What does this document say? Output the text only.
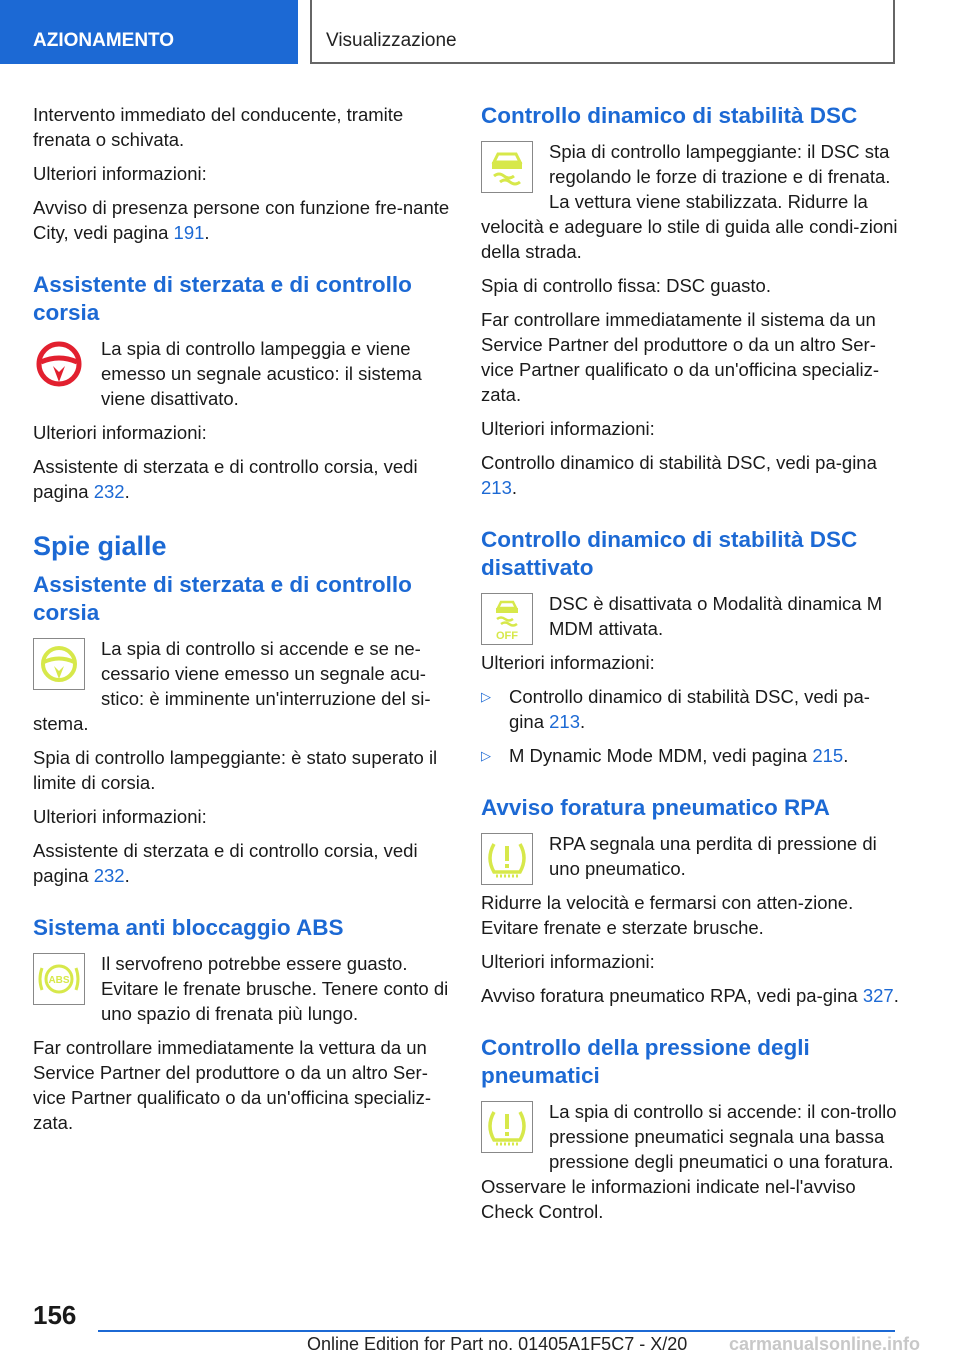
AZIONAMENTO	Visualizzazione

Intervento immediato del conducente, tramite frenata o schivata.

Ulteriori informazioni:

Avviso di presenza persone con funzione fre-nante City, vedi pagina 191.

Assistente di sterzata e di controllo corsia

La spia di controllo lampeggia e viene emesso un segnale acustico: il sistema viene disattivato.

Ulteriori informazioni:

Assistente di sterzata e di controllo corsia, vedi pagina 232.

Spie gialle
Assistente di sterzata e di controllo corsia

La spia di controllo si accende e se ne-cessario viene emesso un segnale acu-stico: è imminente un'interruzione del si-stema.

Spia di controllo lampeggiante: è stato superato il limite di corsia.

Ulteriori informazioni:

Assistente di sterzata e di controllo corsia, vedi pagina 232.

Sistema anti bloccaggio ABS
ABS

Il servofreno potrebbe essere guasto. Evitare le frenate brusche. Tenere conto di uno spazio di frenata più lungo.

Far controllare immediatamente la vettura da un Service Partner del produttore o da un altro Ser-vice Partner qualificato o da un'officina specializ-zata.

Controllo dinamico di stabilità DSC

Spia di controllo lampeggiante: il DSC sta regolando le forze di trazione e di frenata. La vettura viene stabilizzata. Ridurre la velocità e adeguare lo stile di guida alle condi-zioni della strada.

Spia di controllo fissa: DSC guasto.

Far controllare immediatamente il sistema da un Service Partner del produttore o da un altro Ser-vice Partner qualificato o da un'officina specializ-zata.

Ulteriori informazioni:

Controllo dinamico di stabilità DSC, vedi pa-gina 213.

Controllo dinamico di stabilità DSC disattivato
OFF

DSC è disattivata o Modalità dinamica M MDM attivata.

Ulteriori informazioni:

▷ Controllo dinamico di stabilità DSC, vedi pa-gina 213.
▷ M Dynamic Mode MDM, vedi pagina 215.
Avviso foratura pneumatico RPA

RPA segnala una perdita di pressione di uno pneumatico.

Ridurre la velocità e fermarsi con atten-zione. Evitare frenate e sterzate brusche.

Ulteriori informazioni:

Avviso foratura pneumatico RPA, vedi pa-gina 327.

Controllo della pressione degli pneumatici

La spia di controllo si accende: il con-trollo pressione pneumatici segnala una bassa pressione degli pneumatici o una foratura. Osservare le informazioni indicate nel-l'avviso Check Control.

156
Online Edition for Part no. 01405A1F5C7 - X/20 carmanualsonline.info
